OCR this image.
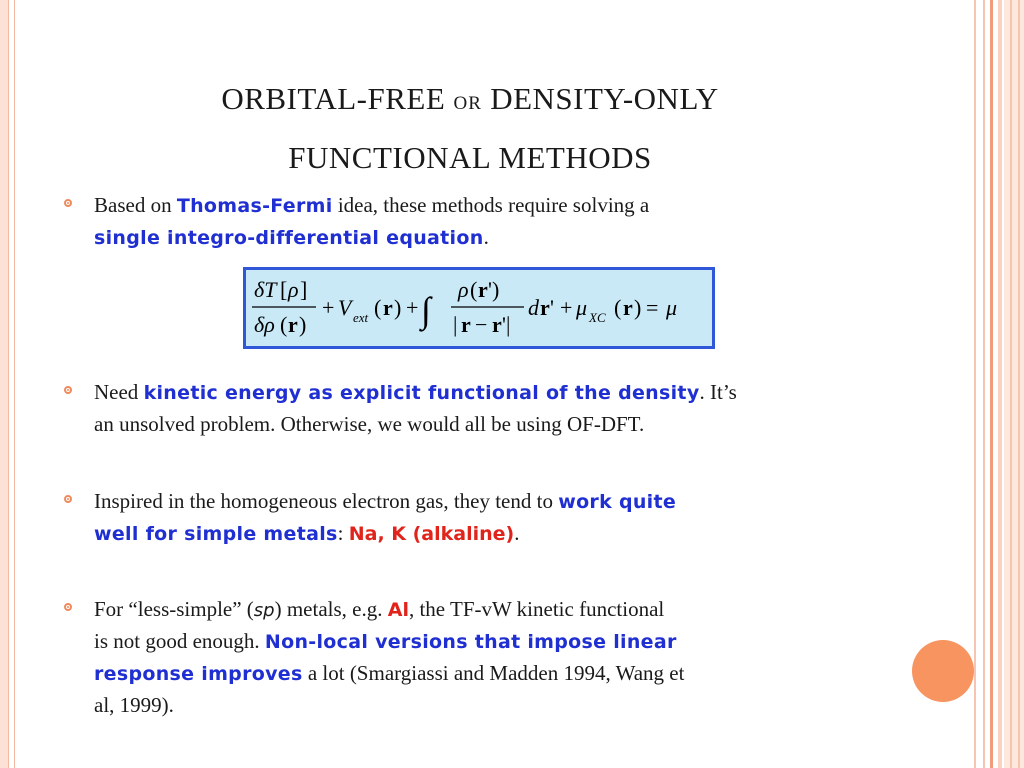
ORBITAL-FREE OR DENSITY-ONLY
FUNCTIONAL METHODS
Based on Thomas-Fermi idea, these methods require solving a
single integro-differential equation.
δT [ ρ ]
δρ ( r )
+ V ext ( r ) + ∫
ρ ( r ')
| r − r '|
d r ' + μ XC ( r ) = μ
Need kinetic energy as explicit functional of the density. It’s
an unsolved problem. Otherwise, we would all be using OF-DFT.
Inspired in the homogeneous electron gas, they tend to work quite
well for simple metals: Na, K (alkaline).
For “less-simple” (sp) metals, e.g. Al, the TF-vW kinetic functional
is not good enough. Non-local versions that impose linear
response improves a lot (Smargiassi and Madden 1994, Wang et
al, 1999).
